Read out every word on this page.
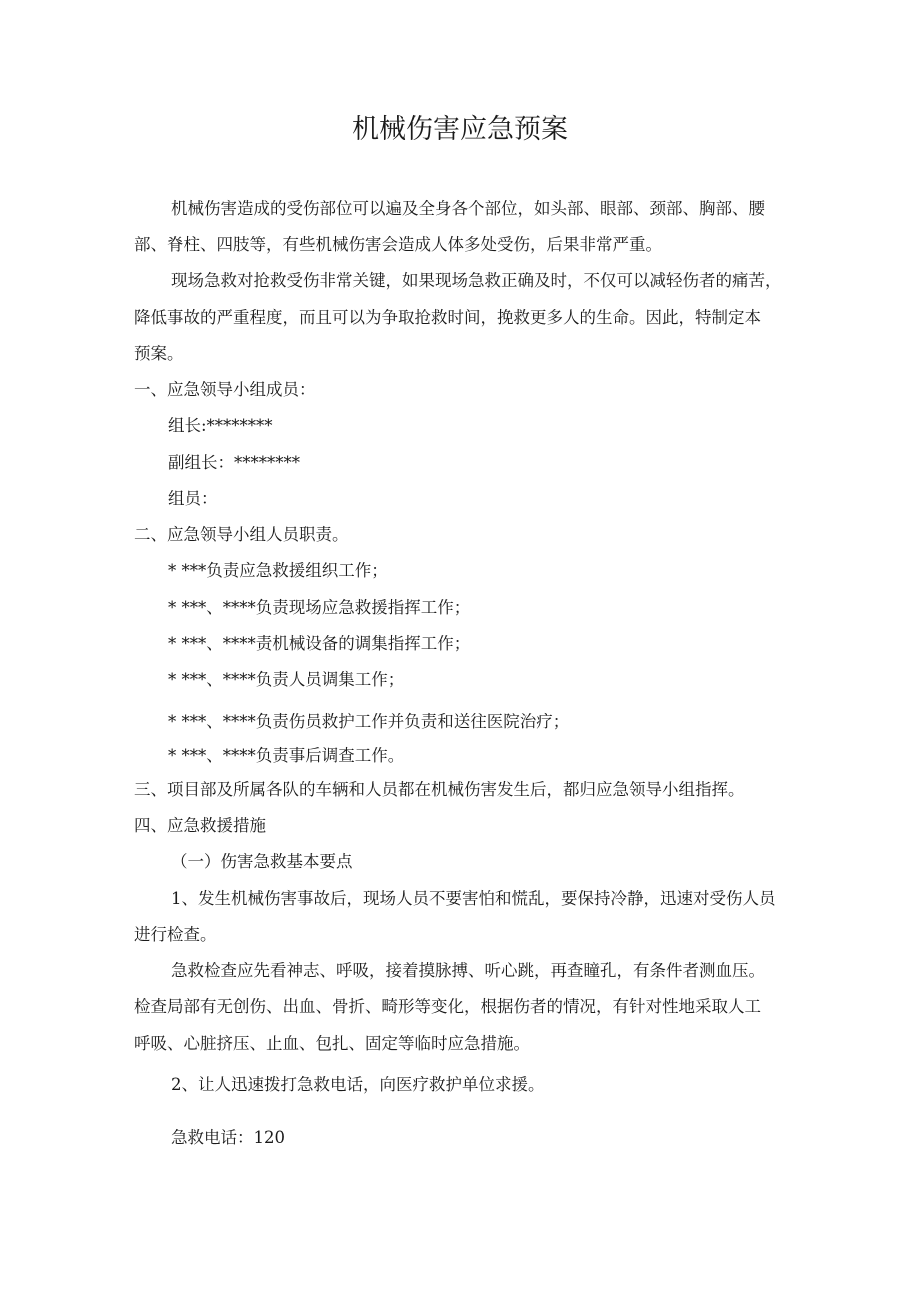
机械伤害应急预案
机械伤害造成的受伤部位可以遍及全身各个部位，如头部、眼部、颈部、胸部、腰
部、脊柱、四肢等，有些机械伤害会造成人体多处受伤，后果非常严重。
现场急救对抢救受伤非常关键，如果现场急救正确及时，不仅可以减轻伤者的痛苦，
降低事故的严重程度，而且可以为争取抢救时间，挽救更多人的生命。因此，特制定本
预案。
一、应急领导小组成员：
组长:********
副组长：********
组员：
二、应急领导小组人员职责。
* ***负责应急救援组织工作；
* ***、****负责现场应急救援指挥工作；
* ***、****责机械设备的调集指挥工作；
* ***、****负责人员调集工作；
* ***、****负责伤员救护工作并负责和送往医院治疗；
* ***、****负责事后调查工作。
三、项目部及所属各队的车辆和人员都在机械伤害发生后，都归应急领导小组指挥。
四、应急救援措施
（一）伤害急救基本要点
1、发生机械伤害事故后，现场人员不要害怕和慌乱，要保持冷静，迅速对受伤人员
进行检查。
急救检查应先看神志、呼吸，接着摸脉搏、听心跳，再查瞳孔，有条件者测血压。
检查局部有无创伤、出血、骨折、畸形等变化，根据伤者的情况，有针对性地采取人工
呼吸、心脏挤压、止血、包扎、固定等临时应急措施。
2、让人迅速拨打急救电话，向医疗救护单位求援。
急救电话：120
